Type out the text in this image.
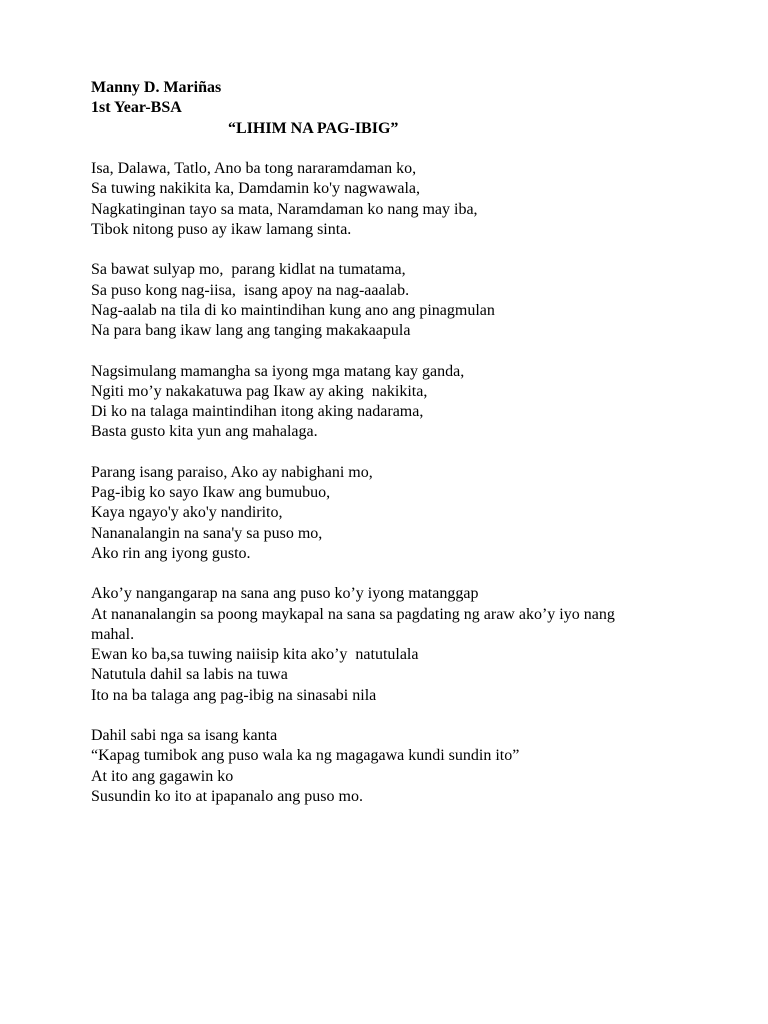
Manny D. Mariñas
1st Year-BSA
“LIHIM NA PAG-IBIG”
Isa, Dalawa, Tatlo, Ano ba tong nararamdaman ko,
Sa tuwing nakikita ka, Damdamin ko'y nagwawala,
Nagkatinginan tayo sa mata, Naramdaman ko nang may iba,
Tibok nitong puso ay ikaw lamang sinta.
Sa bawat sulyap mo,  parang kidlat na tumatama,
Sa puso kong nag-iisa,  isang apoy na nag-aaalab.
Nag-aalab na tila di ko maintindihan kung ano ang pinagmulan
Na para bang ikaw lang ang tanging makakaapula
Nagsimulang mamangha sa iyong mga matang kay ganda,
Ngiti mo’y nakakatuwa pag Ikaw ay aking  nakikita,
Di ko na talaga maintindihan itong aking nadarama,
Basta gusto kita yun ang mahalaga.
Parang isang paraiso, Ako ay nabighani mo,
Pag-ibig ko sayo Ikaw ang bumubuo,
Kaya ngayo'y ako'y nandirito,
Nananalangin na sana'y sa puso mo,
Ako rin ang iyong gusto.
Ako’y nangangarap na sana ang puso ko’y iyong matanggap
At nananalangin sa poong maykapal na sana sa pagdating ng araw ako’y iyo nang
mahal.
Ewan ko ba,sa tuwing naiisip kita ako’y  natutulala
Natutula dahil sa labis na tuwa
Ito na ba talaga ang pag-ibig na sinasabi nila
Dahil sabi nga sa isang kanta
“Kapag tumibok ang puso wala ka ng magagawa kundi sundin ito”
At ito ang gagawin ko
Susundin ko ito at ipapanalo ang puso mo.
